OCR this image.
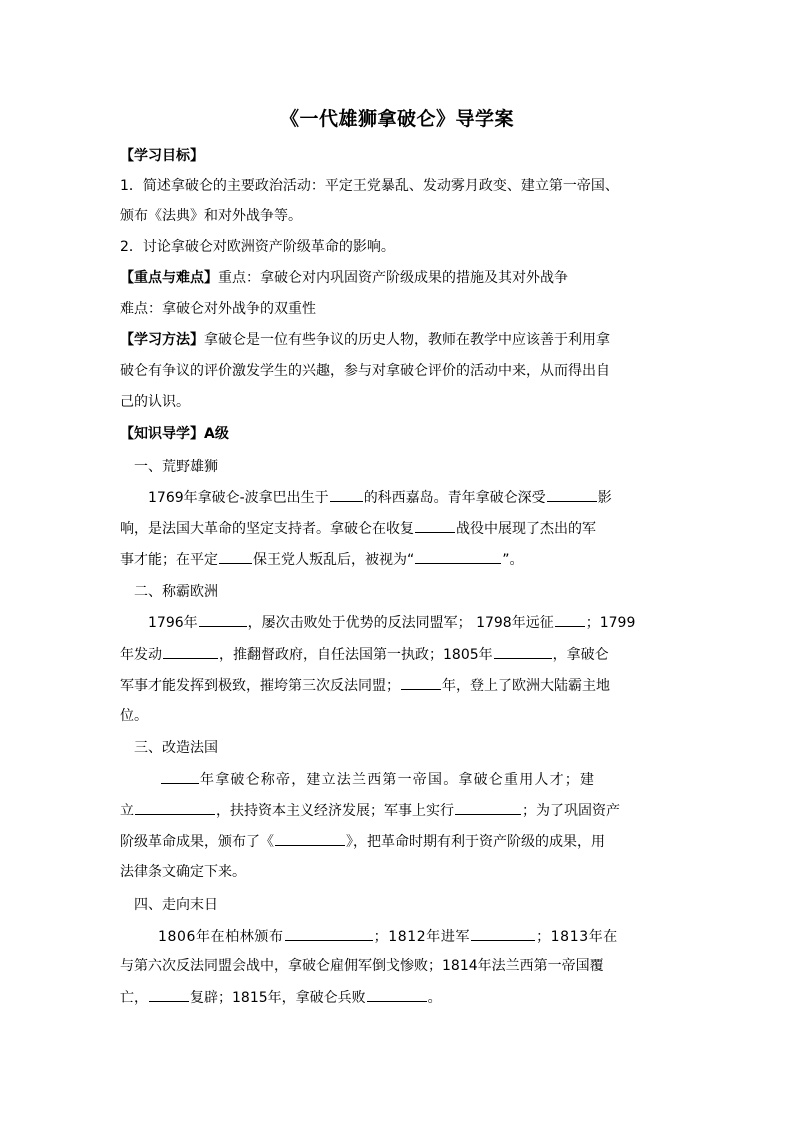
《一代雄狮拿破仑》导学案
【学习目标】
1．简述拿破仑的主要政治活动：平定王党暴乱、发动雾月政变、建立第一帝国、
颁布《法典》和对外战争等。
2．讨论拿破仑对欧洲资产阶级革命的影响。
【重点与难点】重点：拿破仑对内巩固资产阶级成果的措施及其对外战争
难点：拿破仑对外战争的双重性
【学习方法】拿破仑是一位有些争议的历史人物，教师在教学中应该善于利用拿
破仑有争议的评价激发学生的兴趣，参与对拿破仑评价的活动中来，从而得出自
己的认识。
【知识导学】A级
一、荒野雄狮
1769年拿破仑-波拿巴出生于	的科西嘉岛。青年拿破仑深受	影
响，是法国大革命的坚定支持者。拿破仑在收复	战役中展现了杰出的军
事才能；在平定	保王党人叛乱后，被视为“	”。
二、称霸欧洲
1796年	，屡次击败处于优势的反法同盟军； 1798年远征 ；1799
年发动	，推翻督政府，自任法国第一执政；1805年	，拿破仑
军事才能发挥到极致，摧垮第三次反法同盟；	年，登上了欧洲大陆霸主地
位。
三、改造法国
年拿破仑称帝，建立法兰西第一帝国。拿破仑重用人才；建
立	，扶持资本主义经济发展；军事上实行	；为了巩固资产
阶级革命成果，颁布了《	》，把革命时期有利于资产阶级的成果，用
法律条文确定下来。
四、走向末日
1806年在柏林颁布	；1812年进军	；1813年在
与第六次反法同盟会战中，拿破仑雇佣军倒戈惨败；1814年法兰西第一帝国覆
亡，	复辟；1815年，拿破仑兵败	。
